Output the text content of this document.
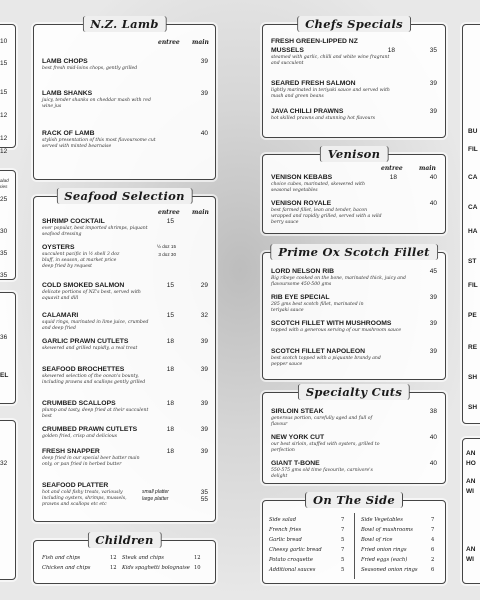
10
15
15
12
12
12
25
30
35
35
36
32
alad
ries
EL
N.Z. Lamb
entree main
LAMB CHOPS
best fresh mid-loins chops, gently grilled
39
LAMB SHANKS
juicy, tender shanks on cheddar mash with red wine jus
39
RACK OF LAMB
stylish presentation of this most flavoursome cut served with minted bearnaise
40
Seafood Selection
entree main
SHRIMP COCKTAIL
ever popular, best imported shrimps, piquant seafood dressing
15
OYSTERS
succulent pacific in ½ shell 3 doz
bluff, in season, at market price
deep fried by request
½ doz 15
3 doz 30
COLD SMOKED SALMON
delicate portions of NZ's best, served with aquavit and dill
15	29
CALAMARI
squid rings, marinated in lime juice, crumbed and deep fried
15	32
GARLIC PRAWN CUTLETS
skewered and grilled rapidly, a real treat
18	39
SEAFOOD BROCHETTES
skewered selection of the ocean's bounty, including prawns and scallops gently grilled
18	39
CRUMBED SCALLOPS
plump and tasty, deep fried at their succulent best
18	39
CRUMBED PRAWN CUTLETS
golden fried, crisp and delicious
18	39
FRESH SNAPPER
deep fried in our special beer batter main only, or pan fried in herbed butter
18	39
SEAFOOD PLATTER
hot and cold fishy treats, variously including oysters, shrimps, mussels, prawns and scallops etc etc
small platter
large platter
35
55
Children
Fish and chips	12 Steak and chips	12
Chicken and chips	12 Kids spaghetti bolognaise 10
Chefs Specials
FRESH GREEN-LIPPED NZ MUSSELS
steamed with garlic, chilli and white wine fragrant and succulent
18	35
SEARED FRESH SALMON
lightly marinated in teriyaki sauce and served with mash and green beans
39
JAVA CHILLI PRAWNS
hot skilled prawns and stunning hot flavours
39
Venison
entree	main
VENISON KEBABS
choice cubes, marinated, skewered with seasonal vegetables
18	40
VENISON ROYALE
best farmed fillet, lean and tender, bacon wrapped and rapidly grilled, served with a wild berry sauce
40
Prime Ox Scotch Fillet
LORD NELSON RIB
Big ribeye cooked on the bone, marinated thick, juicy and flavoursome 450-500 gms
45
RIB EYE SPECIAL
285 gms best scotch fillet, marinated in teriyaki sauce
39
SCOTCH FILLET WITH MUSHROOMS
topped with a generous serving of our mushroom sauce
39
SCOTCH FILLET NAPOLEON
best scotch topped with a piquante brandy and pepper sauce
39
Specialty Cuts
SIRLOIN STEAK
generous portion, carefully aged and full of flavour
38
NEW YORK CUT
our best sirloin, stuffed with oysters, grilled to perfection
40
GIANT T-BONE
550-575 gms old time favourite, carnivore's delight
40
On The Side
Side salad	7
French fries	7
Garlic bread	5
Cheesy garlic bread	7
Potato croquette	5
Additional sauces	5
Side Vegetables	7
Bowl of mushrooms	7
Bowl of rice	4
Fried onion rings	6
Fried eggs (each)	2
Seasoned onion rings	6
BU
FIL
CA
CA
HA
ST
FIL
PE
RE
SH
SH
AN
HO
AN
WI
AN
WI
